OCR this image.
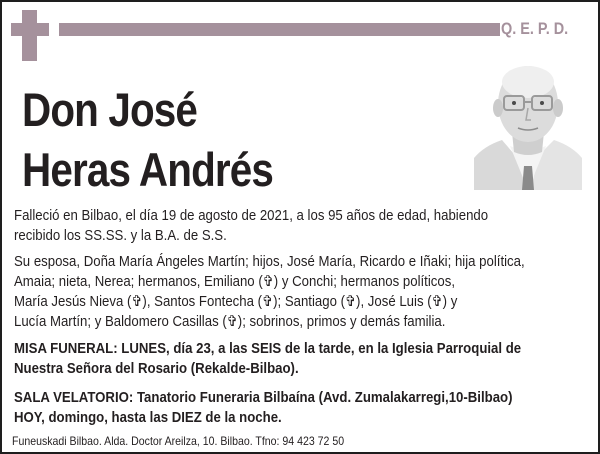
Q. E. P. D.
Don José
Heras Andrés
Falleció en Bilbao, el día 19 de agosto de 2021, a los 95 años de edad, habiendo
recibido los SS.SS. y la B.A. de S.S.
Su esposa, Doña María Ángeles Martín; hijos, José María, Ricardo e Iñaki; hija política,
Amaia; nieta, Nerea; hermanos, Emiliano (✞) y Conchi; hermanos políticos,
María Jesús Nieva (✞), Santos Fontecha (✞); Santiago (✞), José Luis (✞) y
Lucía Martín; y Baldomero Casillas (✞); sobrinos, primos y demás familia.
MISA FUNERAL: LUNES, día 23, a las SEIS de la tarde, en la Iglesia Parroquial de
Nuestra Señora del Rosario (Rekalde-Bilbao).
SALA VELATORIO: Tanatorio Funeraria Bilbaína (Avd. Zumalakarregi,10-Bilbao)
HOY, domingo, hasta las DIEZ de la noche.
Funeuskadi Bilbao. Alda. Doctor Areilza, 10. Bilbao. Tfno: 94 423 72 50
